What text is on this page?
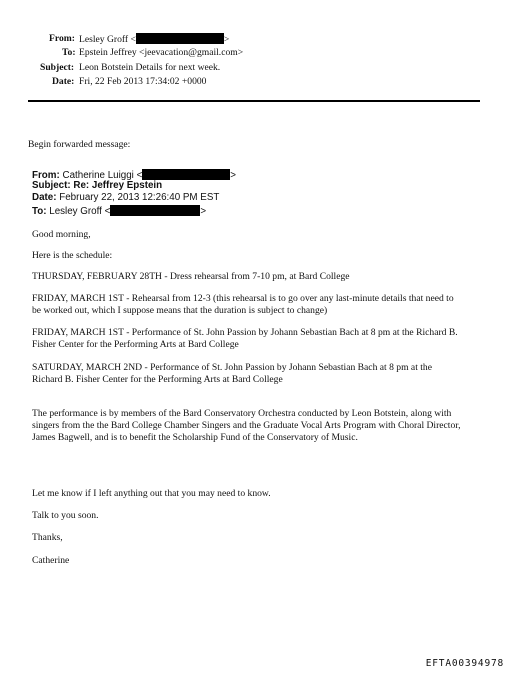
From: Lesley Groff <	>
To: Epstein Jeffrey <jeevacation@gmail.com>
Subject: Leon Botstein Details for next week.
Date: Fri, 22 Feb 2013 17:34:02 +0000
Begin forwarded message:
From: Catherine Luiggi <	>
Subject: Re: Jeffrey Epstein
Date: February 22, 2013 12:26:40 PM EST
To: Lesley Groff <	>
Good morning,
Here is the schedule:
THURSDAY, FEBRUARY 28TH - Dress rehearsal from 7-10 pm, at Bard College
FRIDAY, MARCH 1ST - Rehearsal from 12-3 (this rehearsal is to go over any last-minute details that need to
be worked out, which I suppose means that the duration is subject to change)
FRIDAY, MARCH 1ST - Performance of St. John Passion by Johann Sebastian Bach at 8 pm at the Richard B.
Fisher Center for the Performing Arts at Bard College
SATURDAY, MARCH 2ND - Performance of St. John Passion by Johann Sebastian Bach at 8 pm at the
Richard B. Fisher Center for the Performing Arts at Bard College
The performance is by members of the Bard Conservatory Orchestra conducted by Leon Botstein, along with
singers from the the Bard College Chamber Singers and the Graduate Vocal Arts Program with Choral Director,
James Bagwell, and is to benefit the Scholarship Fund of the Conservatory of Music.
Let me know if I left anything out that you may need to know.
Talk to you soon.
Thanks,
Catherine
EFTA00394978
